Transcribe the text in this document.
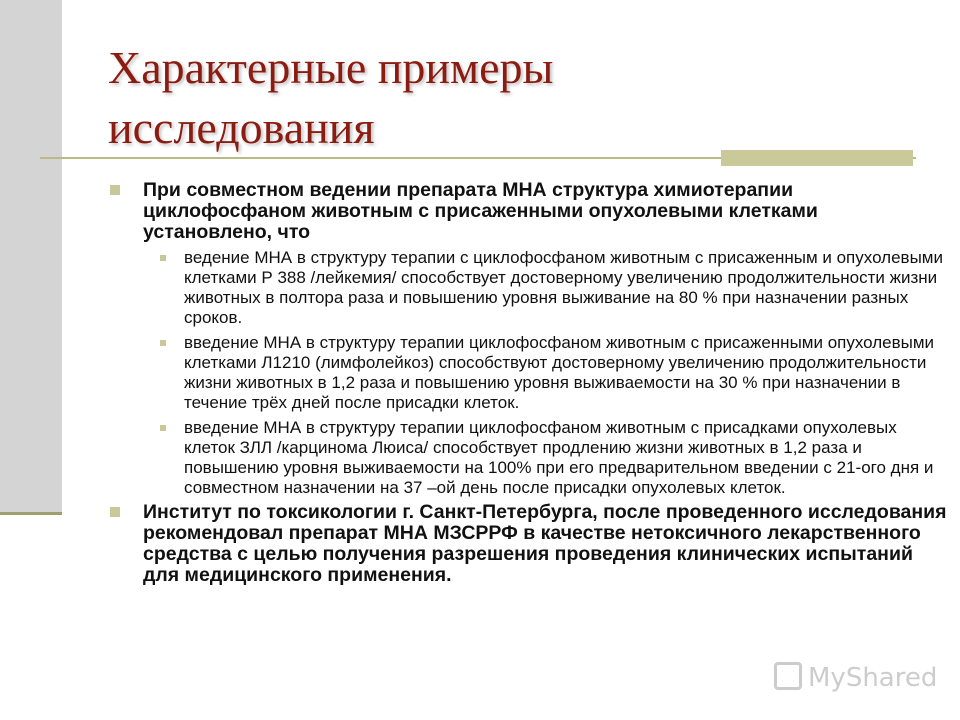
Характерные примеры
исследования
При совместном ведении препарата МНА структура химиотерапии циклофосфаном животным с присаженными опухолевыми клетками установлено, что
ведение МНА в структуру терапии с циклофосфаном животным с присаженным и опухолевыми клетками Р 388 /лейкемия/ способствует достоверному увеличению продолжительности жизни животных в полтора раза и повышению уровня выживание на 80 % при назначении разных сроков.
введение МНА в структуру терапии циклофосфаном животным с присаженными опухолевыми клетками Л1210 (лимфолейкоз) способствуют достоверному увеличению продолжительности жизни животных в 1,2 раза и повышению уровня выживаемости на 30 % при назначении в течение трёх дней после присадки клеток.
введение МНА в структуру терапии циклофосфаном животным с присадками опухолевых клеток ЗЛЛ /карцинома Люиса/ способствует продлению жизни животных в 1,2 раза и повышению уровня выживаемости на 100% при его предварительном введении с 21-ого дня и совместном назначении на 37 –ой день после присадки опухолевых клеток.
Институт по токсикологии г. Санкт-Петербурга, после проведенного исследования рекомендовал препарат МНА МЗСРРФ в качестве нетоксичного лекарственного средства с целью получения разрешения проведения клинических испытаний для медицинского применения.
MyShared
